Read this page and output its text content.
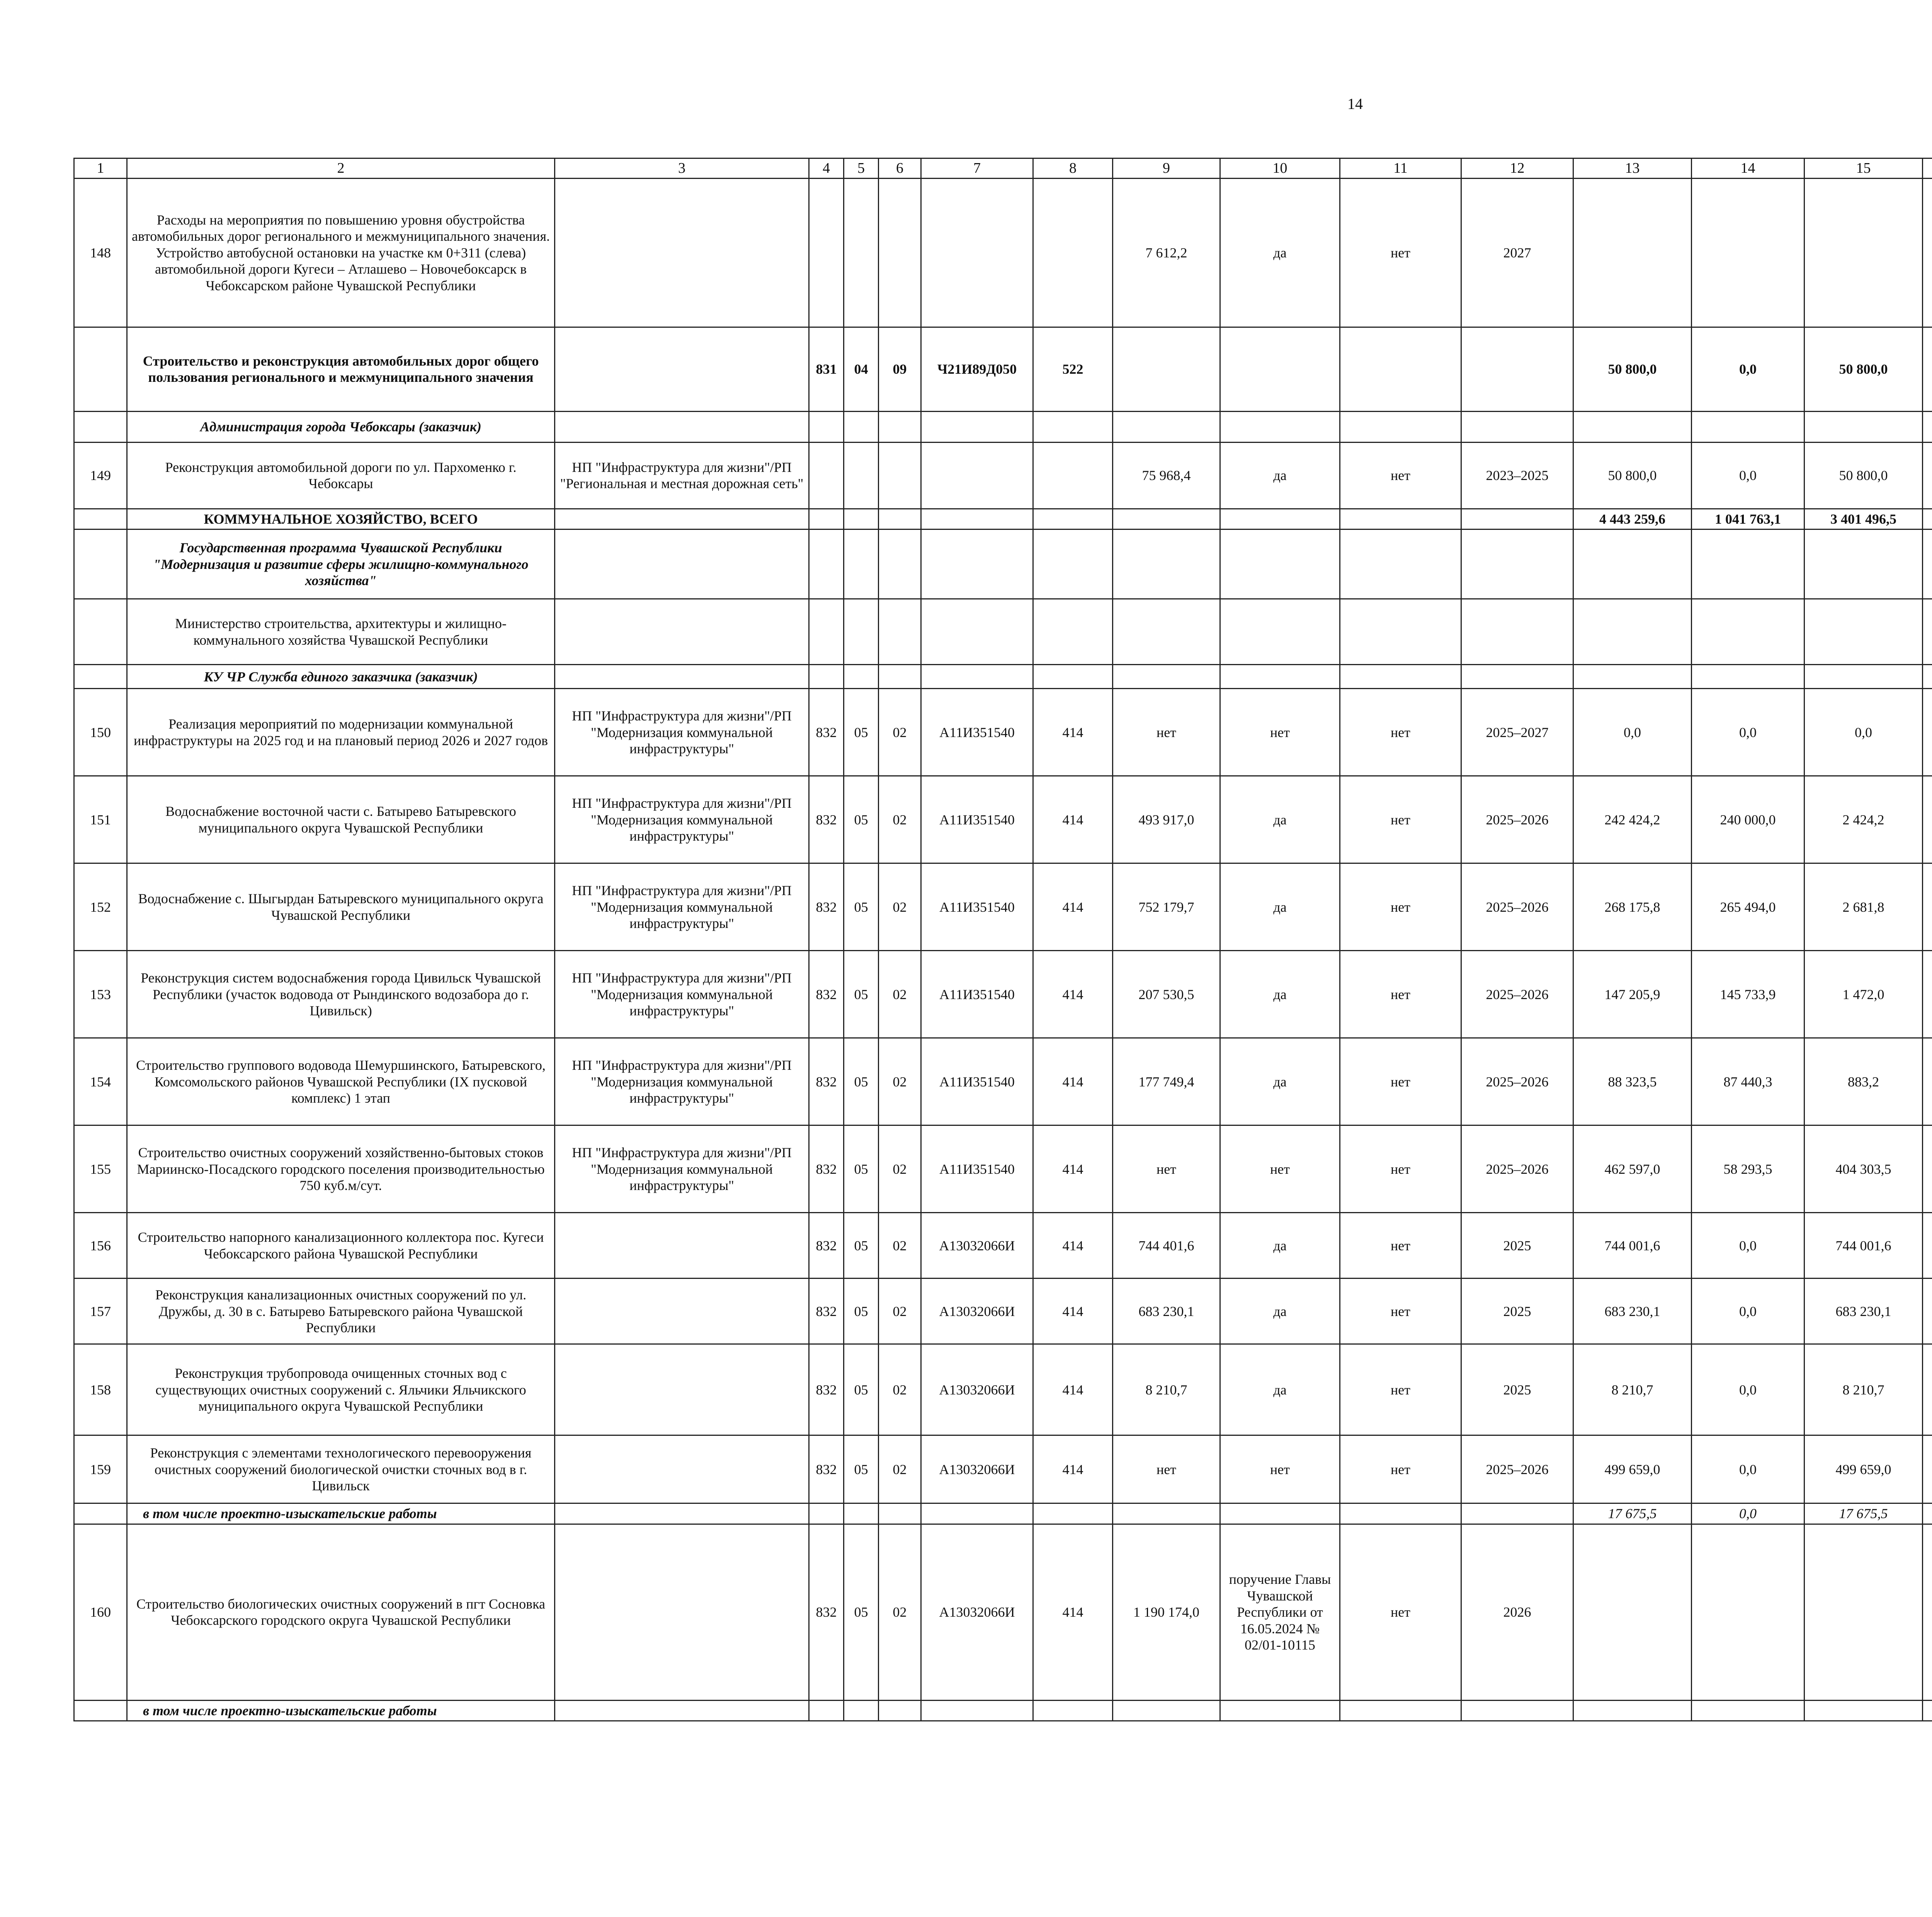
14
1	2	3	4	5	6	7	8	9	10	11	12	13	14	15						
148	Расходы на мероприятия по повышению уровня обустройства автомобильных дорог регионального и межмуниципального значения. Устройство автобусной остановки на участке км 0+311 (слева) автомобильной дороги Кугеси – Атлашево – Новочебоксарск в Чебоксарском районе Чувашской Республики							7 612,2	да	нет	2027									
	Строительство и реконструкция автомобильных дорог общего пользования регионального и межмуниципального значения		831	04	09	Ч21И89Д050	522					50 800,0	0,0	50 800,0						
	Администрация города Чебоксары (заказчик)																			
149	Реконструкция автомобильной дороги по ул. Пархоменко г. Чебоксары	НП "Инфраструктура для жизни"/РП "Региональная и местная дорожная сеть"						75 968,4	да	нет	2023–2025	50 800,0	0,0	50 800,0						
	КОММУНАЛЬНОЕ ХОЗЯЙСТВО, ВСЕГО											4 443 259,6	1 041 763,1	3 401 496,5						
	Государственная программа Чувашской Республики "Модернизация и развитие сферы жилищно-коммунального хозяйства"																			
	Министерство строительства, архитектуры и жилищно-коммунального хозяйства Чувашской Республики																			
	КУ ЧР Служба единого заказчика (заказчик)																			
150	Реализация мероприятий по модернизации коммунальной инфраструктуры на 2025 год и на плановый период 2026 и 2027 годов	НП "Инфраструктура для жизни"/РП "Модернизация коммунальной инфраструктуры"	832	05	02	А11И351540	414	нет	нет	нет	2025–2027	0,0	0,0	0,0						
151	Водоснабжение восточной части с. Батырево Батыревского муниципального округа Чувашской Республики	НП "Инфраструктура для жизни"/РП "Модернизация коммунальной инфраструктуры"	832	05	02	А11И351540	414	493 917,0	да	нет	2025–2026	242 424,2	240 000,0	2 424,2						
152	Водоснабжение с. Шыгырдан Батыревского муниципального округа Чувашской Республики	НП "Инфраструктура для жизни"/РП "Модернизация коммунальной инфраструктуры"	832	05	02	А11И351540	414	752 179,7	да	нет	2025–2026	268 175,8	265 494,0	2 681,8						
153	Реконструкция систем водоснабжения города Цивильск Чувашской Республики (участок водовода от Рындинского водозабора до г. Цивильск)	НП "Инфраструктура для жизни"/РП "Модернизация коммунальной инфраструктуры"	832	05	02	А11И351540	414	207 530,5	да	нет	2025–2026	147 205,9	145 733,9	1 472,0						
154	Строительство группового водовода Шемуршинского, Батыревского, Комсомольского районов Чувашской Республики (IX пусковой комплекс) 1 этап	НП "Инфраструктура для жизни"/РП "Модернизация коммунальной инфраструктуры"	832	05	02	А11И351540	414	177 749,4	да	нет	2025–2026	88 323,5	87 440,3	883,2						
155	Строительство очистных сооружений хозяйственно-бытовых стоков Мариинско-Посадского городского поселения производительностью 750 куб.м/сут.	НП "Инфраструктура для жизни"/РП "Модернизация коммунальной инфраструктуры"	832	05	02	А11И351540	414	нет	нет	нет	2025–2026	462 597,0	58 293,5	404 303,5						
156	Строительство напорного канализационного коллектора пос. Кугеси Чебоксарского района Чувашской Республики		832	05	02	А13032066И	414	744 401,6	да	нет	2025	744 001,6	0,0	744 001,6						
157	Реконструкция канализационных очистных сооружений по ул. Дружбы, д. 30 в с. Батырево Батыревского района Чувашской Республики		832	05	02	А13032066И	414	683 230,1	да	нет	2025	683 230,1	0,0	683 230,1						
158	Реконструкция трубопровода очищенных сточных вод с существующих очистных сооружений с. Яльчики Яльчикского муниципального округа Чувашской Республики		832	05	02	А13032066И	414	8 210,7	да	нет	2025	8 210,7	0,0	8 210,7						
159	Реконструкция с элементами технологического перевооружения очистных сооружений биологической очистки сточных вод в г. Цивильск		832	05	02	А13032066И	414	нет	нет	нет	2025–2026	499 659,0	0,0	499 659,0						
	в том числе проектно-изыскательские работы											17 675,5	0,0	17 675,5						
160	Строительство биологических очистных сооружений в пгт Сосновка Чебоксарского городского округа Чувашской Республики		832	05	02	А13032066И	414	1 190 174,0	поручение Главы Чувашской Республики от 16.05.2024 № 02/01-10115	нет	2026									
	в том числе проектно-изыскательские работы																			
